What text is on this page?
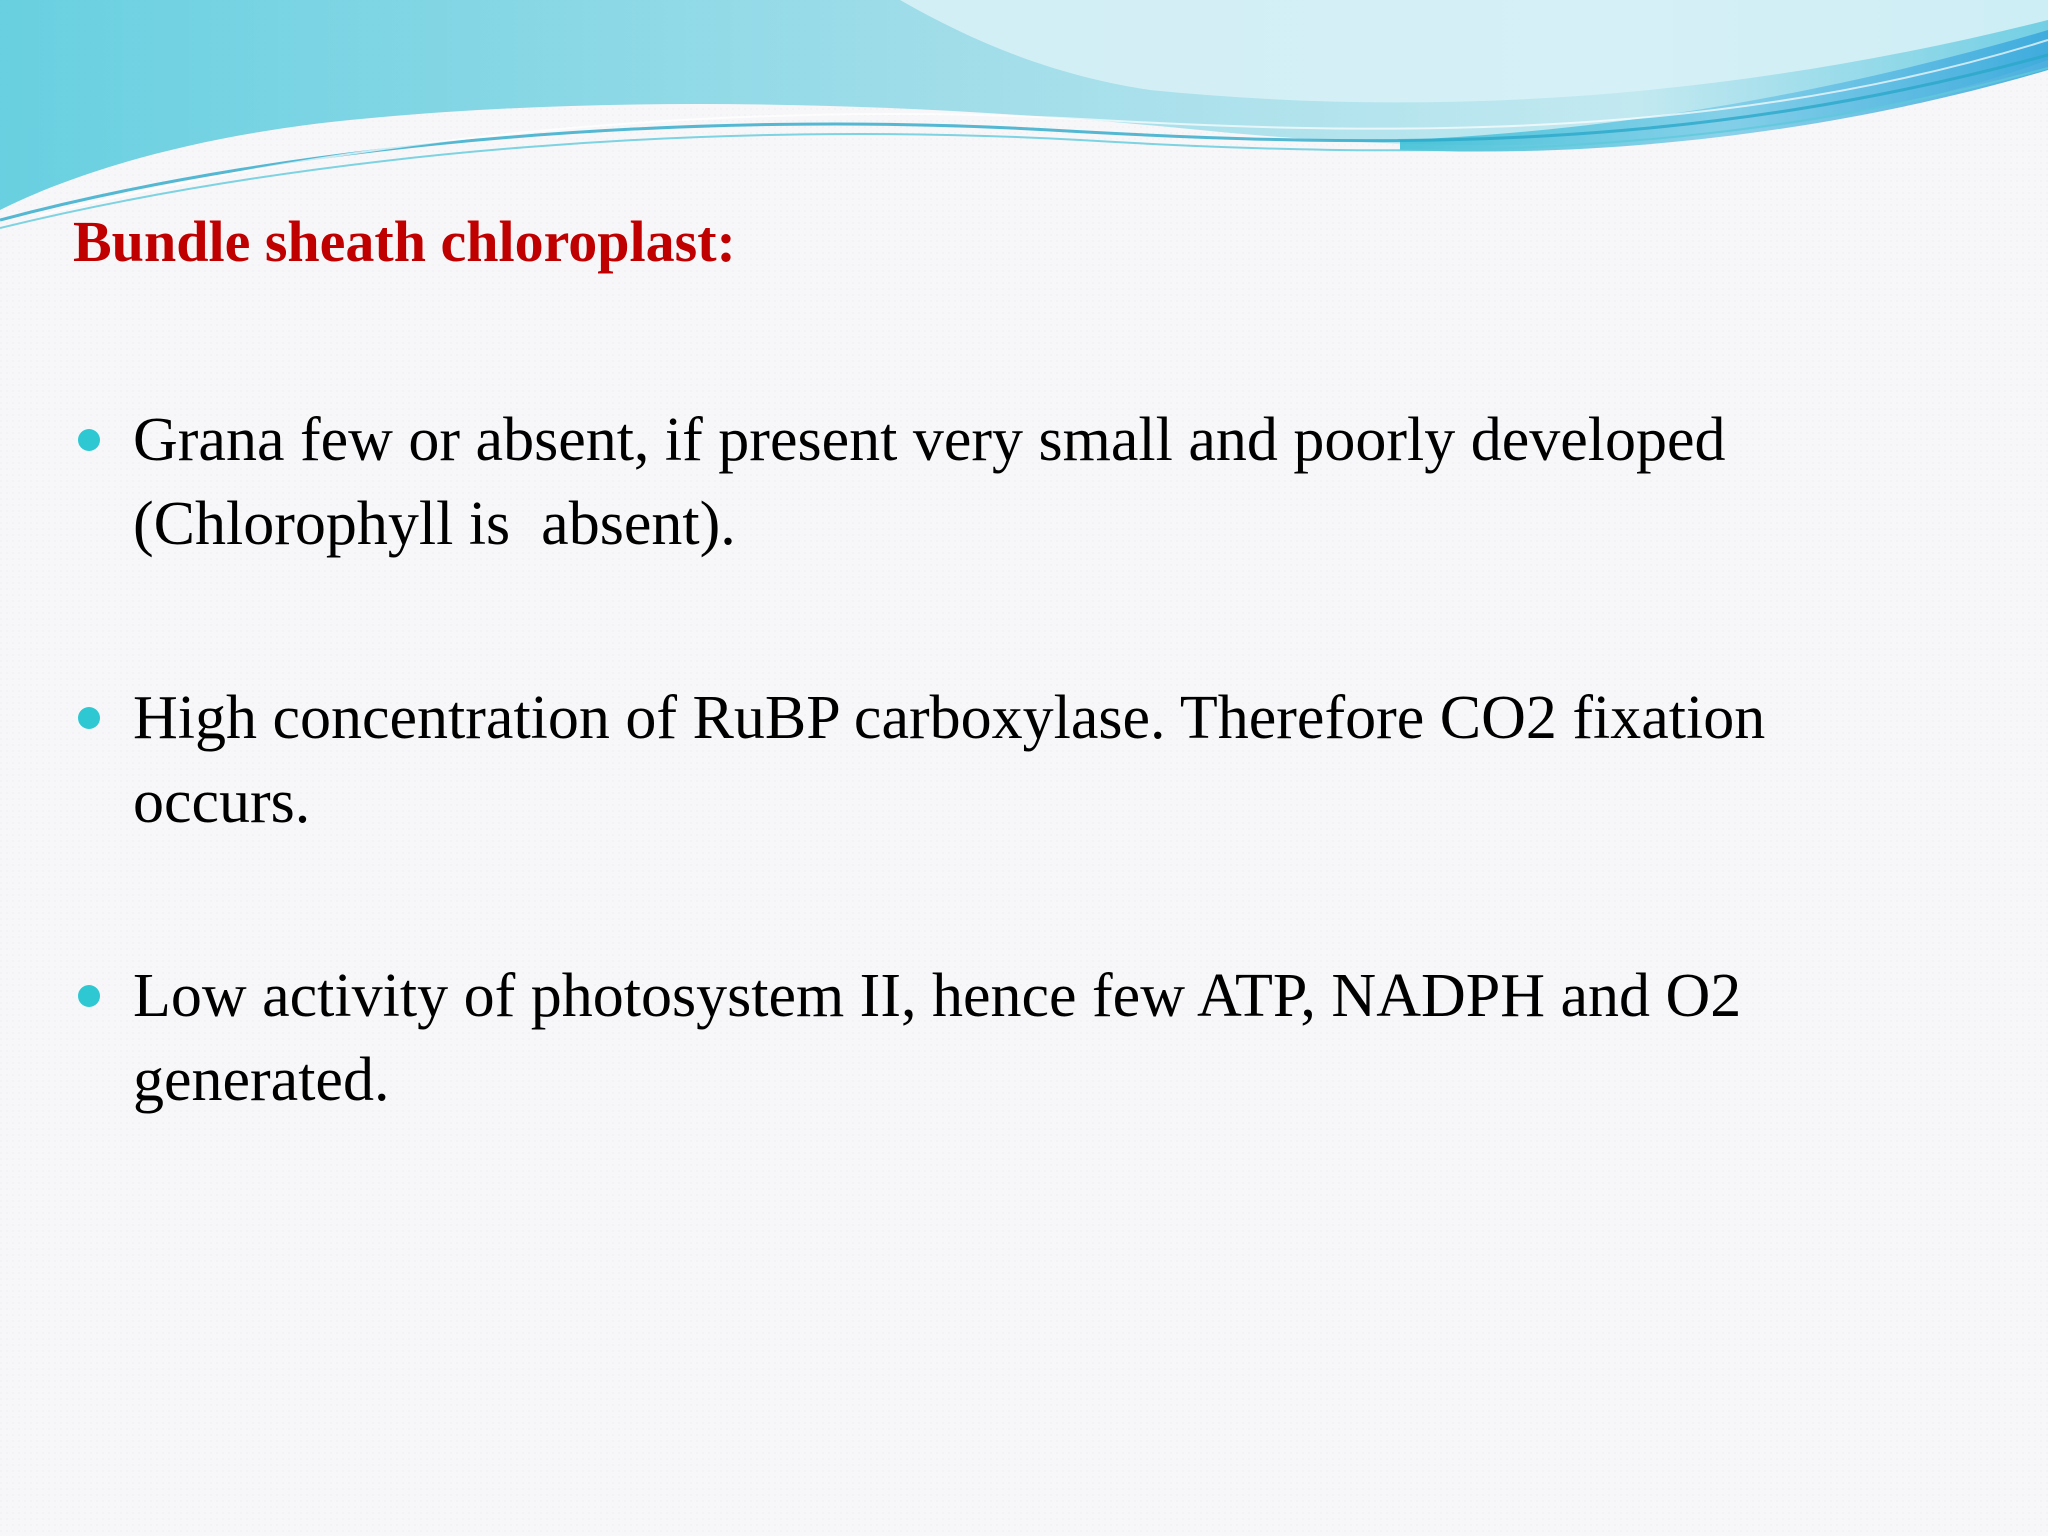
Bundle sheath chloroplast:
Grana few or absent, if present very small and poorly developed
(Chlorophyll is  absent).
High concentration of RuBP carboxylase. Therefore CO2 fixation
occurs.
Low activity of photosystem II, hence few ATP, NADPH and O2
generated.
